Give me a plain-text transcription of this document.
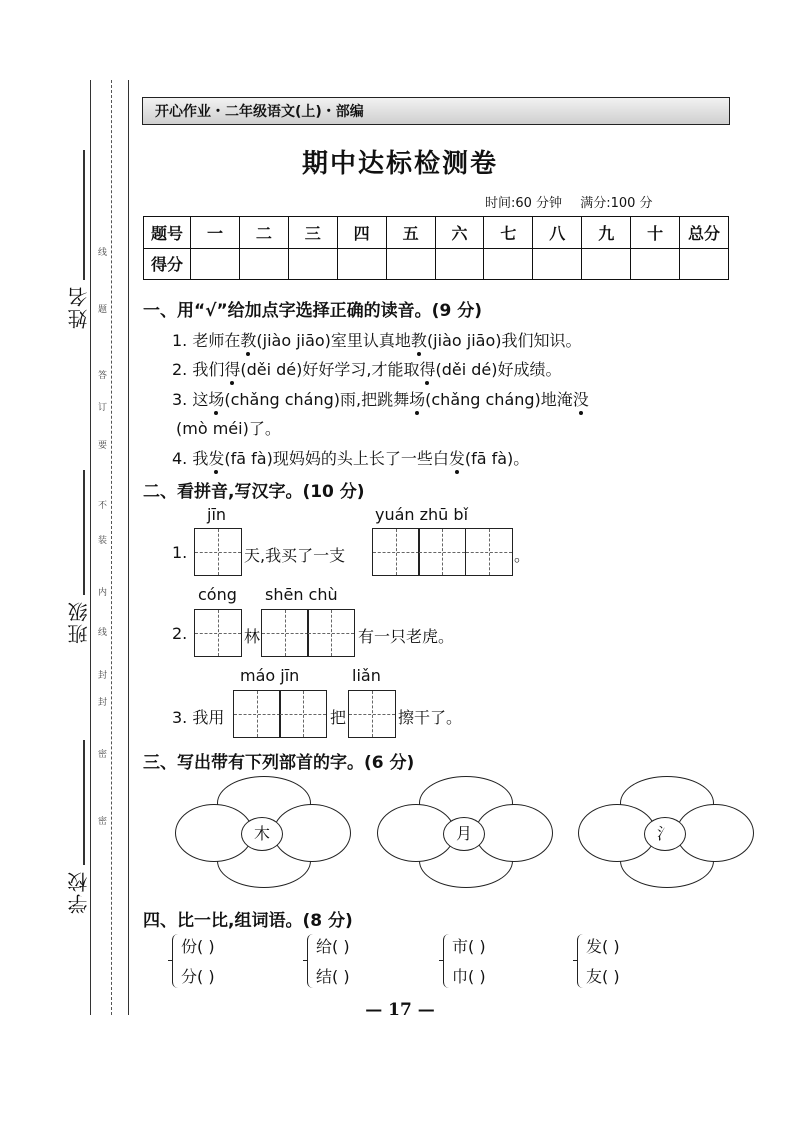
姓名
班级
学校
线
题
答
订
要
不
装
内
线
封
封
密
密
开心作业・二年级语文(上)・部编
期中达标检测卷
时间:60 分钟 满分:100 分
题号	一	二	三	四	五	六	七	八	九	十	总分
得分											
一、用“√”给加点字选择正确的读音。(9 分)
1. 老师在教(jiào jiāo)室里认真地教(jiào jiāo)我们知识。
2. 我们得(děi dé)好好学习,才能取得(děi dé)好成绩。
3. 这场(chǎng cháng)雨,把跳舞场(chǎng cháng)地淹没
(mò méi)了。
4. 我发(fā fà)现妈妈的头上长了一些白发(fā fà)。
二、看拼音,写汉字。(10 分)
jīn	yuán zhū bǐ
1.	天,我买了一支	。
cóng shēn chù
2.	林	有一只老虎。
máo jīn	liǎn
3. 我用	把	擦干了。
三、写出带有下列部首的字。(6 分)
木	月	氵
四、比一比,组词语。(8 分)
份( )
分( )
给( )
结( )
市( )
巾( )
发( )
友( )
— 17 —
